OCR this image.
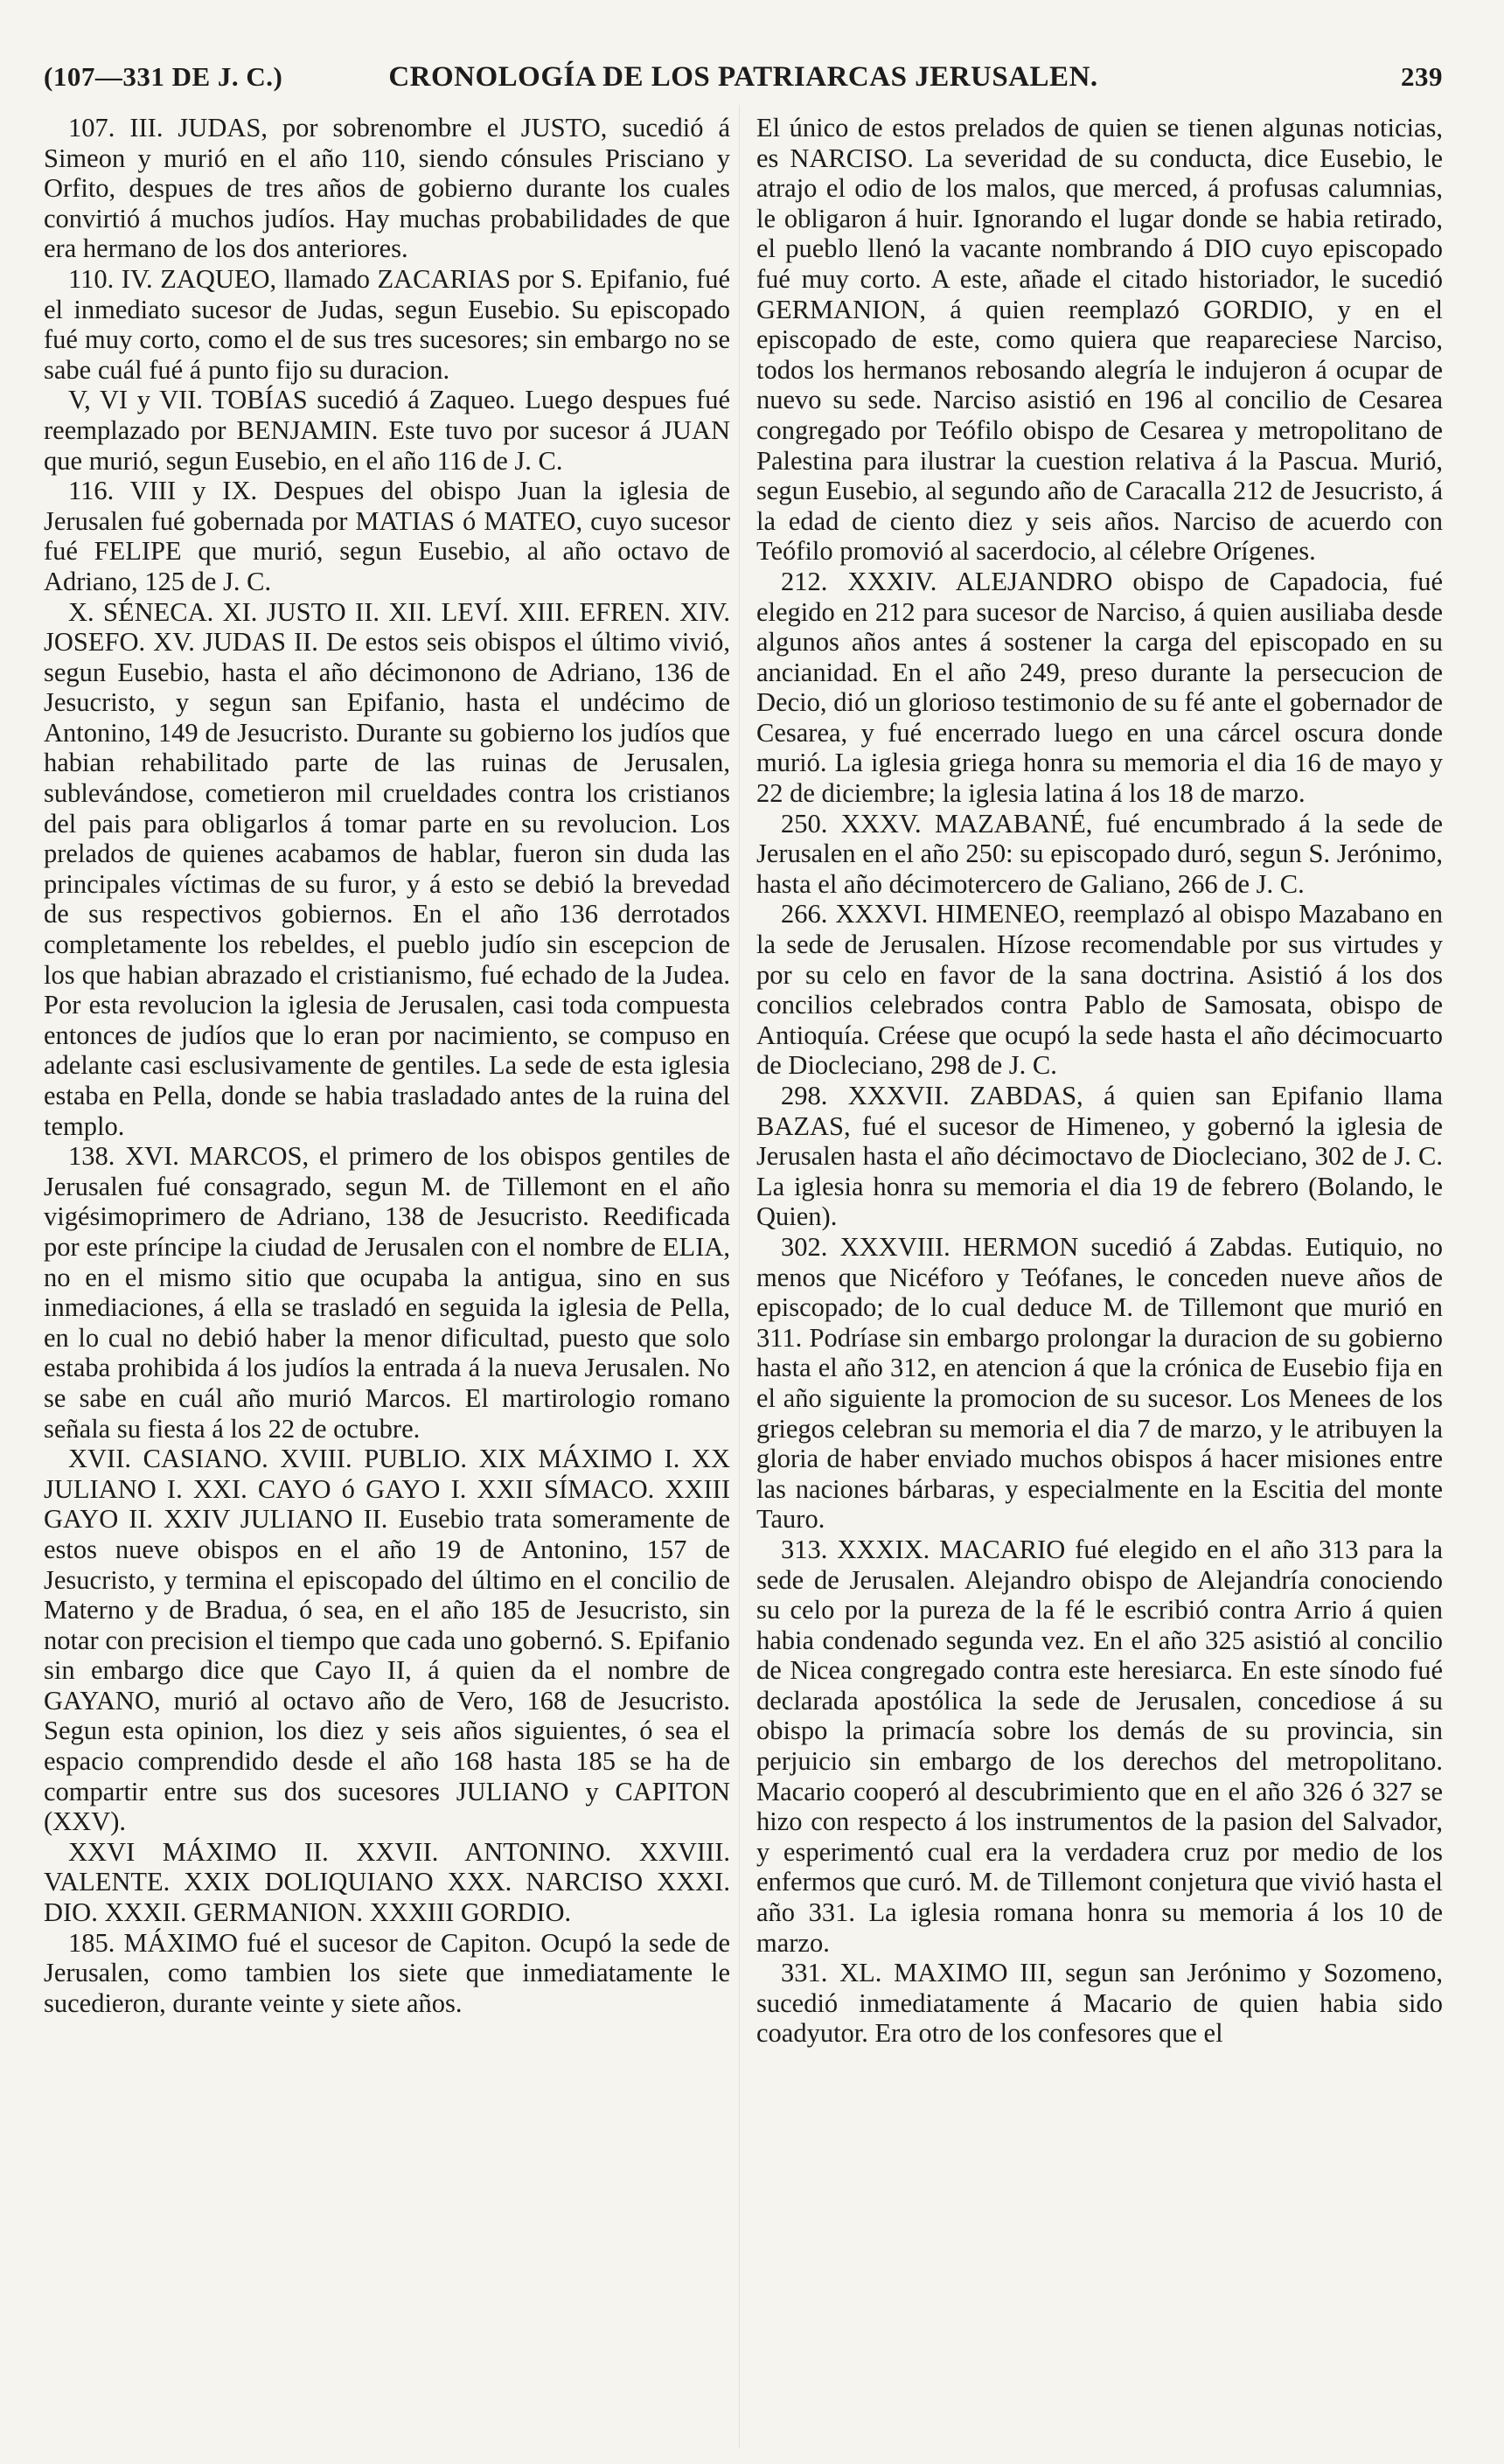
(107—331 DE J. C.)	CRONOLOGÍA DE LOS PATRIARCAS JERUSALEN.	239

107. III. JUDAS, por sobrenombre el JUSTO, sucedió á Simeon y murió en el año 110, siendo cónsules Prisciano y Orfito, despues de tres años de gobierno durante los cuales convirtió á muchos judíos. Hay muchas probabilidades de que era hermano de los dos anteriores.

110. IV. ZAQUEO, llamado ZACARIAS por S. Epifanio, fué el inmediato sucesor de Judas, segun Eusebio. Su episcopado fué muy corto, como el de sus tres sucesores; sin embargo no se sabe cuál fué á punto fijo su duracion.

V, VI y VII. TOBÍAS sucedió á Zaqueo. Luego despues fué reemplazado por BENJAMIN. Este tuvo por sucesor á JUAN que murió, segun Eusebio, en el año 116 de J. C.

116. VIII y IX. Despues del obispo Juan la iglesia de Jerusalen fué gobernada por MATIAS ó MATEO, cuyo sucesor fué FELIPE que murió, segun Eusebio, al año octavo de Adriano, 125 de J. C.

X. SÉNECA. XI. JUSTO II. XII. LEVÍ. XIII. EFREN. XIV. JOSEFO. XV. JUDAS II. De estos seis obispos el último vivió, segun Eusebio, hasta el año décimonono de Adriano, 136 de Jesucristo, y segun san Epifanio, hasta el undécimo de Antonino, 149 de Jesucristo. Durante su gobierno los judíos que habian rehabilitado parte de las ruinas de Jerusalen, sublevándose, cometieron mil crueldades contra los cristianos del pais para obligarlos á tomar parte en su revolucion. Los prelados de quienes acabamos de hablar, fueron sin duda las principales víctimas de su furor, y á esto se debió la brevedad de sus respectivos gobiernos. En el año 136 derrotados completamente los rebeldes, el pueblo judío sin escepcion de los que habian abrazado el cristianismo, fué echado de la Judea. Por esta revolucion la iglesia de Jerusalen, casi toda compuesta entonces de judíos que lo eran por nacimiento, se compuso en adelante casi esclusivamente de gentiles. La sede de esta iglesia estaba en Pella, donde se habia trasladado antes de la ruina del templo.

138. XVI. MARCOS, el primero de los obispos gentiles de Jerusalen fué consagrado, segun M. de Tillemont en el año vigésimoprimero de Adriano, 138 de Jesucristo. Reedificada por este príncipe la ciudad de Jerusalen con el nombre de ELIA, no en el mismo sitio que ocupaba la antigua, sino en sus inmediaciones, á ella se trasladó en seguida la iglesia de Pella, en lo cual no debió haber la menor dificultad, puesto que solo estaba prohibida á los judíos la entrada á la nueva Jerusalen. No se sabe en cuál año murió Marcos. El martirologio romano señala su fiesta á los 22 de octubre.

XVII. CASIANO. XVIII. PUBLIO. XIX MÁXIMO I. XX JULIANO I. XXI. CAYO ó GAYO I. XXII SÍMACO. XXIII GAYO II. XXIV JULIANO II. Eusebio trata someramente de estos nueve obispos en el año 19 de Antonino, 157 de Jesucristo, y termina el episcopado del último en el concilio de Materno y de Bradua, ó sea, en el año 185 de Jesucristo, sin notar con precision el tiempo que cada uno gobernó. S. Epifanio sin embargo dice que Cayo II, á quien da el nombre de GAYANO, murió al octavo año de Vero, 168 de Jesucristo. Segun esta opinion, los diez y seis años siguientes, ó sea el espacio comprendido desde el año 168 hasta 185 se ha de compartir entre sus dos sucesores JULIANO y CAPITON (XXV).

XXVI MÁXIMO II. XXVII. ANTONINO. XXVIII. VALENTE. XXIX DOLIQUIANO XXX. NARCISO XXXI. DIO. XXXII. GERMANION. XXXIII GORDIO.

185. MÁXIMO fué el sucesor de Capiton. Ocupó la sede de Jerusalen, como tambien los siete que inmediatamente le sucedieron, durante veinte y siete años.

El único de estos prelados de quien se tienen algunas noticias, es NARCISO. La severidad de su conducta, dice Eusebio, le atrajo el odio de los malos, que merced, á profusas calumnias, le obligaron á huir. Ignorando el lugar donde se habia retirado, el pueblo llenó la vacante nombrando á DIO cuyo episcopado fué muy corto. A este, añade el citado historiador, le sucedió GERMANION, á quien reemplazó GORDIO, y en el episcopado de este, como quiera que reapareciese Narciso, todos los hermanos rebosando alegría le indujeron á ocupar de nuevo su sede. Narciso asistió en 196 al concilio de Cesarea congregado por Teófilo obispo de Cesarea y metropolitano de Palestina para ilustrar la cuestion relativa á la Pascua. Murió, segun Eusebio, al segundo año de Caracalla 212 de Jesucristo, á la edad de ciento diez y seis años. Narciso de acuerdo con Teófilo promovió al sacerdocio, al célebre Orígenes.

212. XXXIV. ALEJANDRO obispo de Capadocia, fué elegido en 212 para sucesor de Narciso, á quien ausiliaba desde algunos años antes á sostener la carga del episcopado en su ancianidad. En el año 249, preso durante la persecucion de Decio, dió un glorioso testimonio de su fé ante el gobernador de Cesarea, y fué encerrado luego en una cárcel oscura donde murió. La iglesia griega honra su memoria el dia 16 de mayo y 22 de diciembre; la iglesia latina á los 18 de marzo.

250. XXXV. MAZABANÉ, fué encumbrado á la sede de Jerusalen en el año 250: su episcopado duró, segun S. Jerónimo, hasta el año décimotercero de Galiano, 266 de J. C.

266. XXXVI. HIMENEO, reemplazó al obispo Mazabano en la sede de Jerusalen. Hízose recomendable por sus virtudes y por su celo en favor de la sana doctrina. Asistió á los dos concilios celebrados contra Pablo de Samosata, obispo de Antioquía. Créese que ocupó la sede hasta el año décimocuarto de Diocleciano, 298 de J. C.

298. XXXVII. ZABDAS, á quien san Epifanio llama BAZAS, fué el sucesor de Himeneo, y gobernó la iglesia de Jerusalen hasta el año décimoctavo de Diocleciano, 302 de J. C. La iglesia honra su memoria el dia 19 de febrero (Bolando, le Quien).

302. XXXVIII. HERMON sucedió á Zabdas. Eutiquio, no menos que Nicéforo y Teófanes, le conceden nueve años de episcopado; de lo cual deduce M. de Tillemont que murió en 311. Podríase sin embargo prolongar la duracion de su gobierno hasta el año 312, en atencion á que la crónica de Eusebio fija en el año siguiente la promocion de su sucesor. Los Menees de los griegos celebran su memoria el dia 7 de marzo, y le atribuyen la gloria de haber enviado muchos obispos á hacer misiones entre las naciones bárbaras, y especialmente en la Escitia del monte Tauro.

313. XXXIX. MACARIO fué elegido en el año 313 para la sede de Jerusalen. Alejandro obispo de Alejandría conociendo su celo por la pureza de la fé le escribió contra Arrio á quien habia condenado segunda vez. En el año 325 asistió al concilio de Nicea congregado contra este heresiarca. En este sínodo fué declarada apostólica la sede de Jerusalen, concediose á su obispo la primacía sobre los demás de su provincia, sin perjuicio sin embargo de los derechos del metropolitano. Macario cooperó al descubrimiento que en el año 326 ó 327 se hizo con respecto á los instrumentos de la pasion del Salvador, y esperimentó cual era la verdadera cruz por medio de los enfermos que curó. M. de Tillemont conjetura que vivió hasta el año 331. La iglesia romana honra su memoria á los 10 de marzo.

331. XL. MAXIMO III, segun san Jerónimo y Sozomeno, sucedió inmediatamente á Macario de quien habia sido coadyutor. Era otro de los confesores que el
